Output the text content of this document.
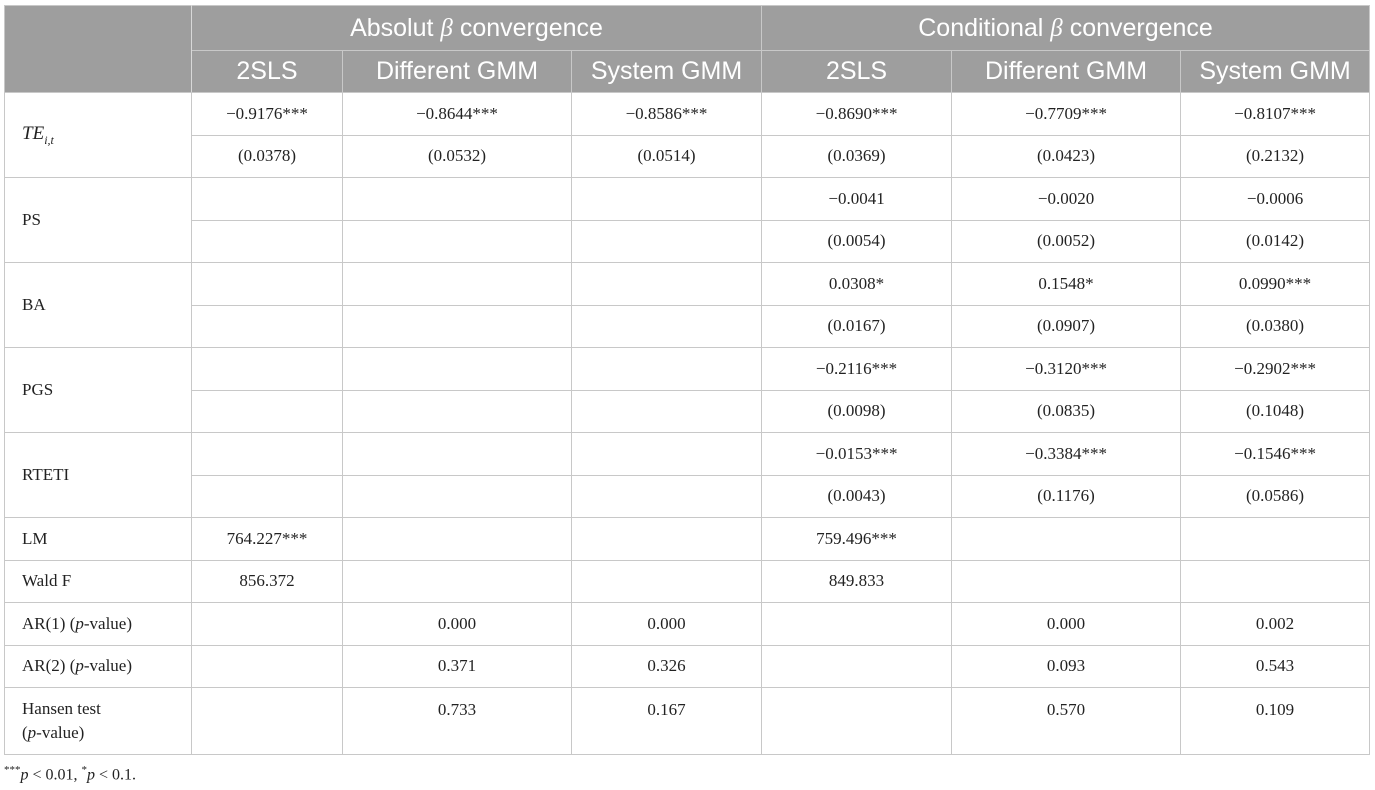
	Absolut β convergence			Conditional β convergence		
	2SLS	Different GMM	System GMM	2SLS	Different GMM	System GMM
$TE_{i,t}$	−0.9176***	−0.8644***	−0.8586***	−0.8690***	−0.7709***	−0.8107***
	(0.0378)	(0.0532)	(0.0514)	(0.0369)	(0.0423)	(0.2132)
PS				−0.0041	−0.0020	−0.0006
				(0.0054)	(0.0052)	(0.0142)
BA				0.0308*	0.1548*	0.0990***
				(0.0167)	(0.0907)	(0.0380)
PGS				−0.2116***	−0.3120***	−0.2902***
				(0.0098)	(0.0835)	(0.1048)
RTETI				−0.0153***	−0.3384***	−0.1546***
				(0.0043)	(0.1176)	(0.0586)
LM	764.227***			759.496***		
Wald F	856.372			849.833		
AR(1) (p-value)		0.000	0.000		0.000	0.002
AR(2) (p-value)		0.371	0.326		0.093	0.543
Hansen test
(p-value)		0.733	0.167		0.570	0.109
***p < 0.01, *p < 0.1.
